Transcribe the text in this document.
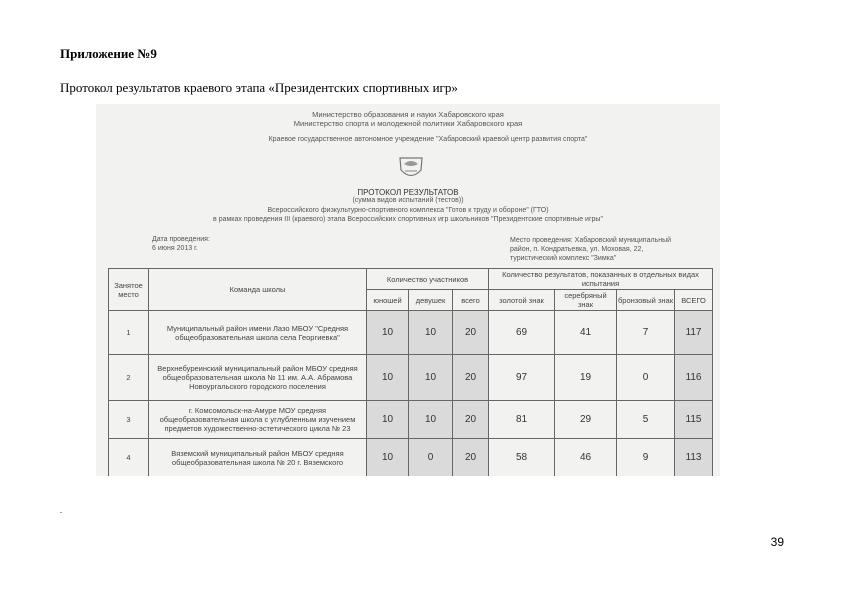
Приложение №9
Протокол результатов краевого этапа «Президентских спортивных игр»
Министерство образования и науки Хабаровского края
Министерство спорта и молодежной политики Хабаровского края
Краевое государственное автономное учреждение "Хабаровский краевой центр развития спорта"
ПРОТОКОЛ РЕЗУЛЬТАТОВ
(сумма видов испытаний (тестов))
Всероссийского физкультурно-спортивного комплекса "Готов к труду и обороне" (ГТО)
в рамках проведения III (краевого) этапа Всероссийских спортивных игр школьников "Президентские спортивные игры"
Дата проведения:
6 июня 2013 г.
Место проведения: Хабаровский муниципальный
район, п. Кондратьевка, ул. Моховая, 22,
туристический комплекс "Зимка"
Занятое место	Команда школы	Количество участников			Количество результатов, показанных в отдельных видах испытания			
		юношей	девушек	всего	золотой знак	серебряный знак	бронзовый знак	ВСЕГО
1	Муниципальный район имени Лазо МБОУ "Средняя общеобразовательная школа села Георгиевка"	10	10	20	69	41	7	117
2	Верхнебуреинский муниципальный район МБОУ средняя общеобразовательная школа № 11 им. А.А. Абрамова Новоургальского городского поселения	10	10	20	97	19	0	116
3	г. Комсомольск-на-Амуре МОУ средняя общеобразовательная школа с углубленным изучением предметов художественно-эстетического цикла № 23	10	10	20	81	29	5	115
4	Вяземский муниципальный район МБОУ средняя общеобразовательная школа № 20 г. Вяземского	10	0	20	58	46	9	113
.
39
